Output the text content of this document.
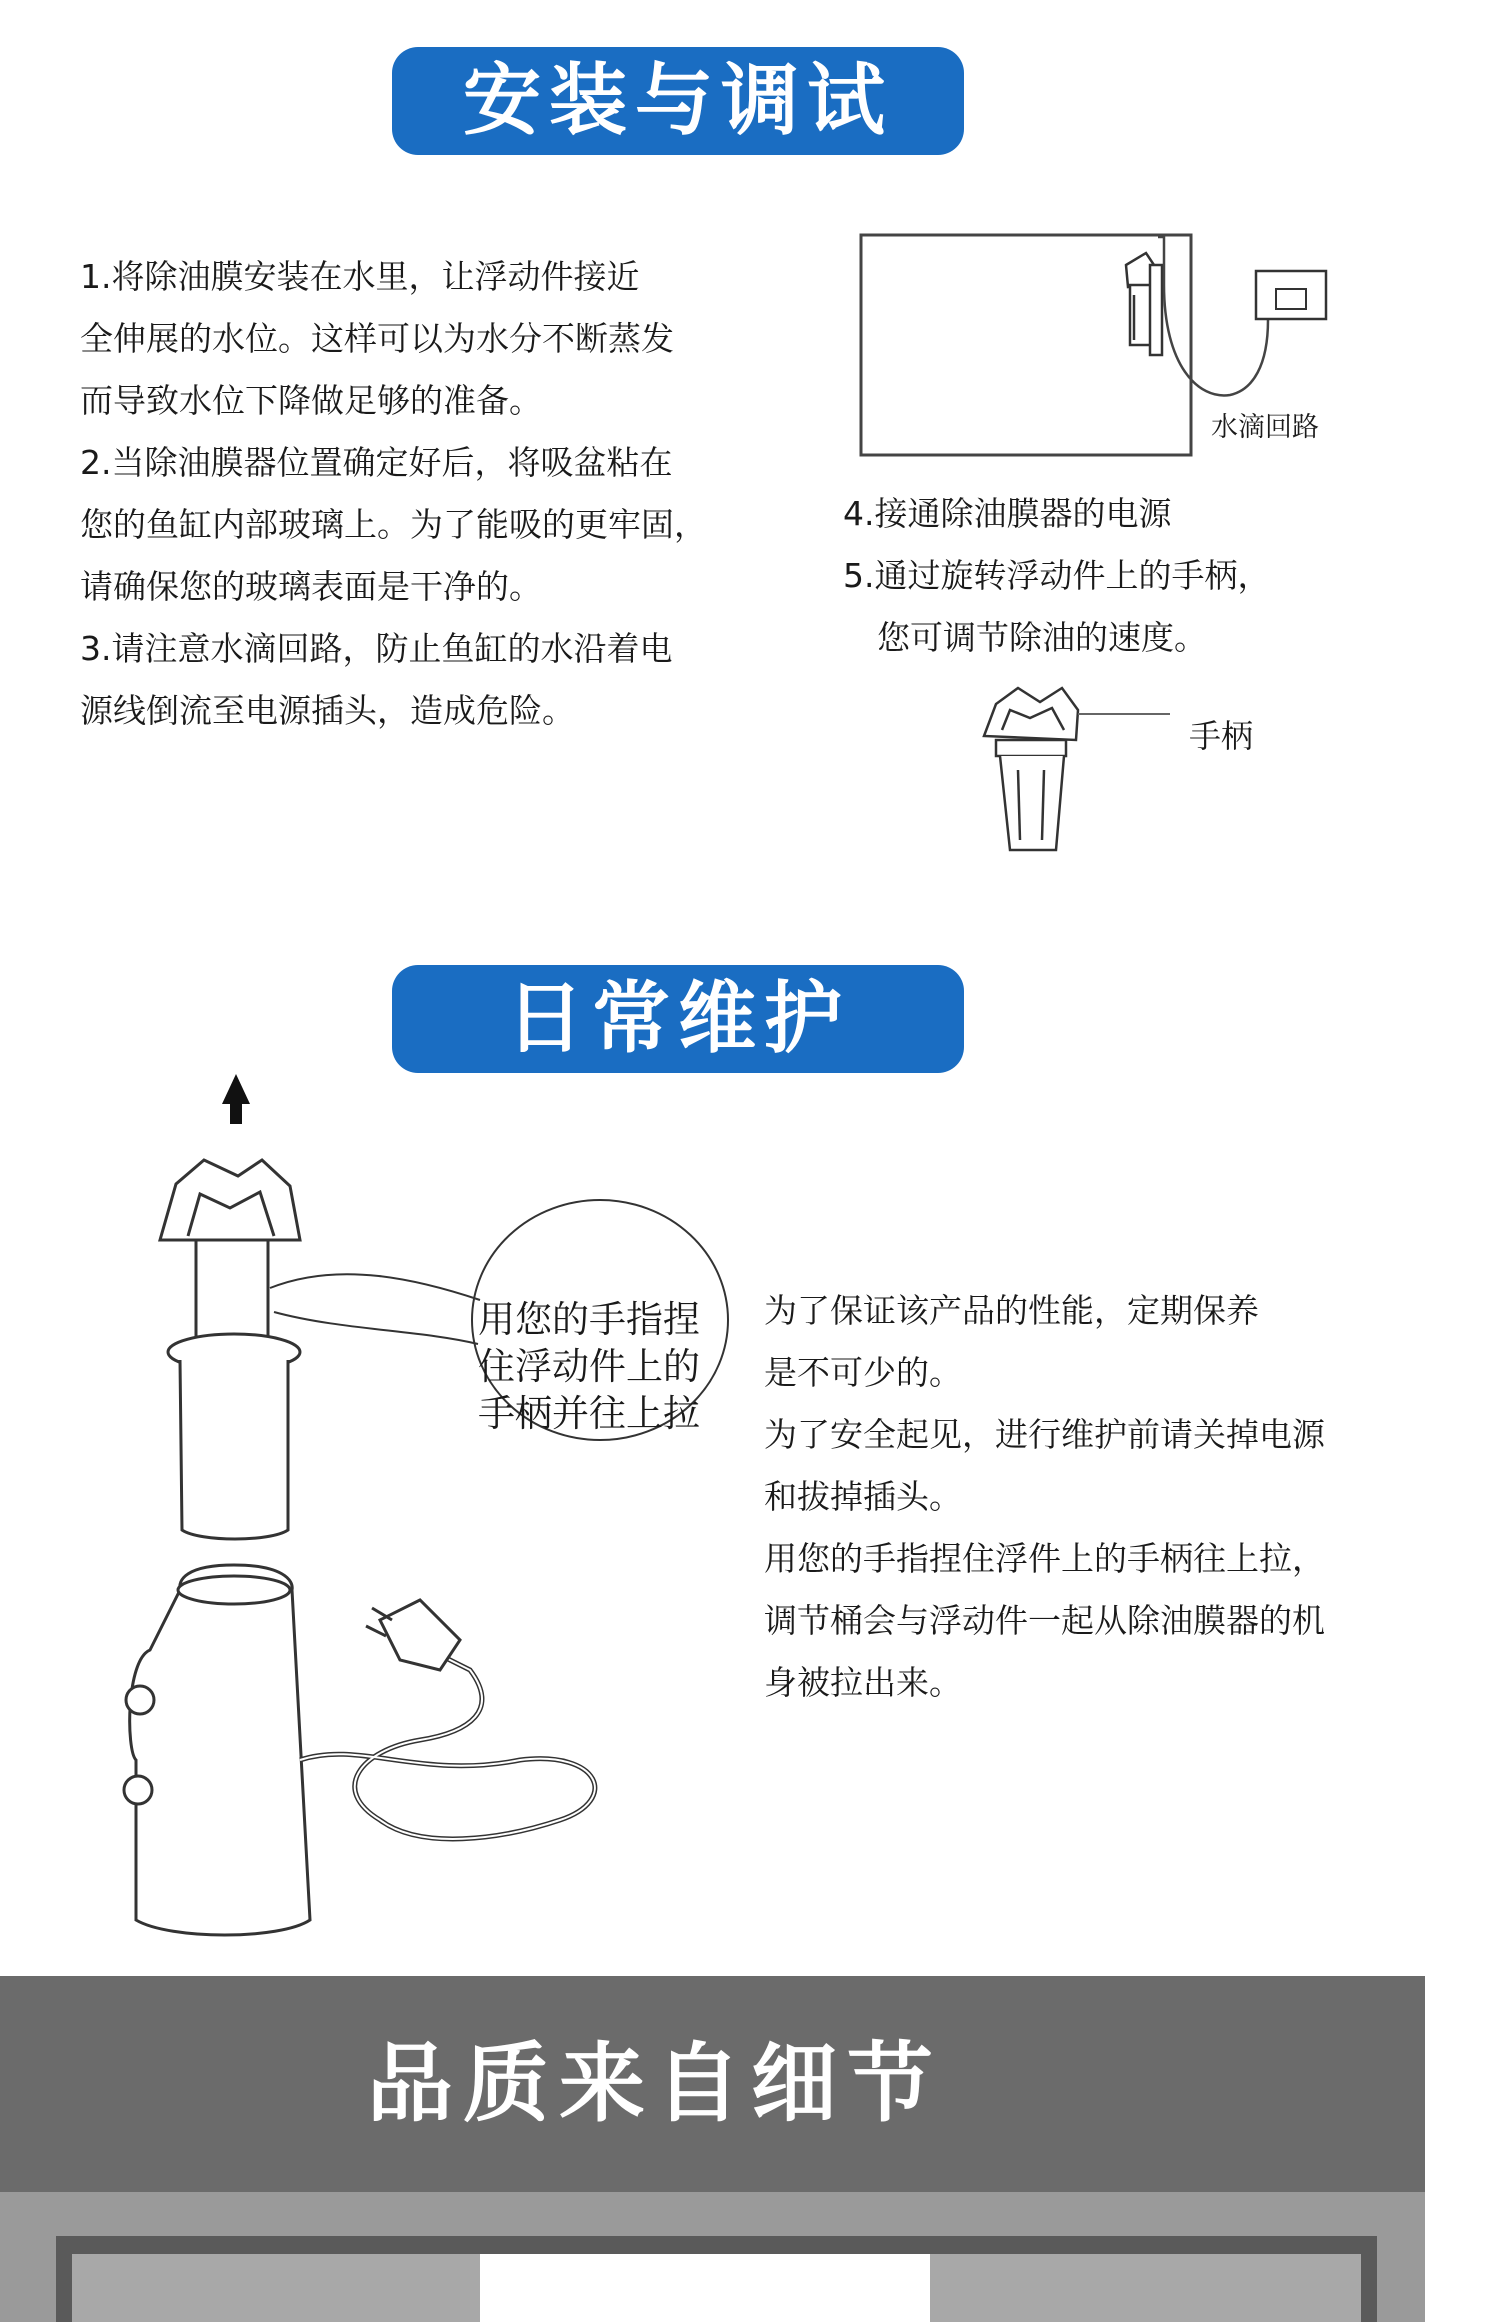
安装与调试
1.将除油膜安装在水里，让浮动件接近
全伸展的水位。这样可以为水分不断蒸发
而导致水位下降做足够的准备。
2.当除油膜器位置确定好后，将吸盆粘在
您的鱼缸内部玻璃上。为了能吸的更牢固，
请确保您的玻璃表面是干净的。
3.请注意水滴回路，防止鱼缸的水沿着电
源线倒流至电源插头，造成危险。
水滴回路
4.接通除油膜器的电源
5.通过旋转浮动件上的手柄，
您可调节除油的速度。
手柄
日常维护
用您的手指捏
住浮动件上的
手柄并往上拉
为了保证该产品的性能，定期保养
是不可少的。
为了安全起见，进行维护前请关掉电源
和拔掉插头。
用您的手指捏住浮件上的手柄往上拉，
调节桶会与浮动件一起从除油膜器的机
身被拉出来。
品质来自细节
